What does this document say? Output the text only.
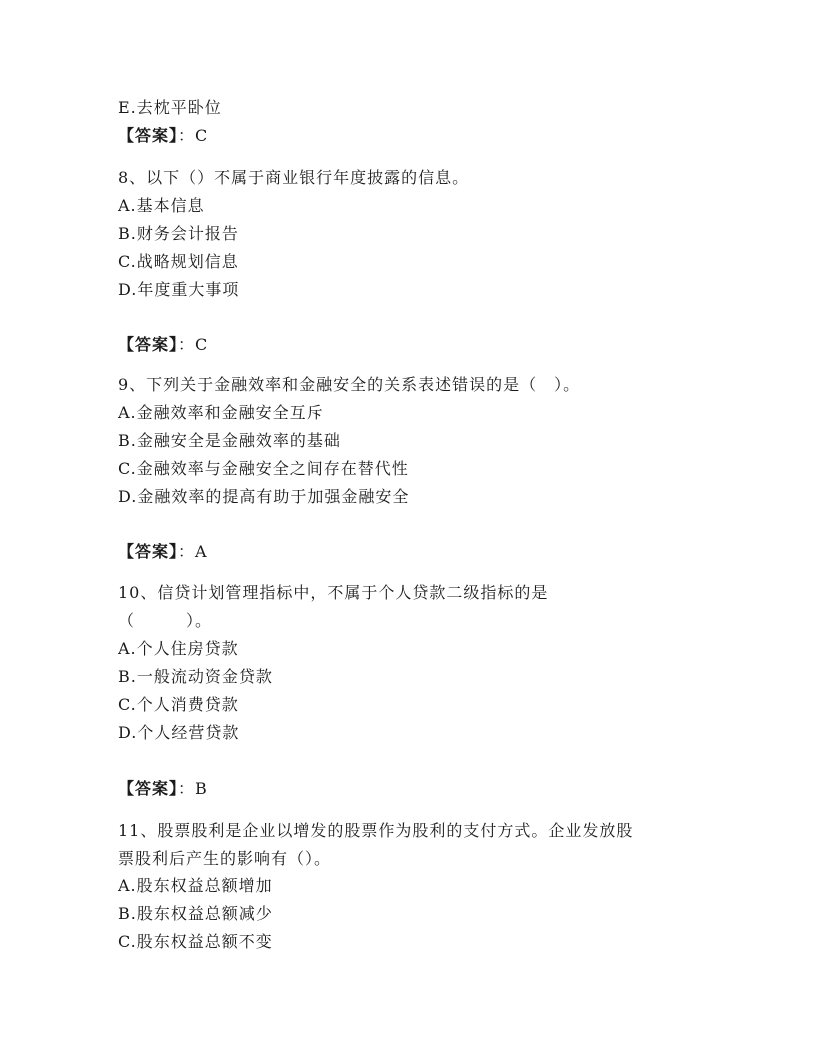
E.去枕平卧位
【答案】：C
8、以下（）不属于商业银行年度披露的信息。
A.基本信息
B.财务会计报告
C.战略规划信息
D.年度重大事项
【答案】：C
9、下列关于金融效率和金融安全的关系表述错误的是（　）。
A.金融效率和金融安全互斥
B.金融安全是金融效率的基础
C.金融效率与金融安全之间存在替代性
D.金融效率的提高有助于加强金融安全
【答案】：A
10、信贷计划管理指标中，不属于个人贷款二级指标的是
（　　　）。
A.个人住房贷款
B.一般流动资金贷款
C.个人消费贷款
D.个人经营贷款
【答案】：B
11、股票股利是企业以增发的股票作为股利的支付方式。企业发放股
票股利后产生的影响有（）。
A.股东权益总额增加
B.股东权益总额减少
C.股东权益总额不变
